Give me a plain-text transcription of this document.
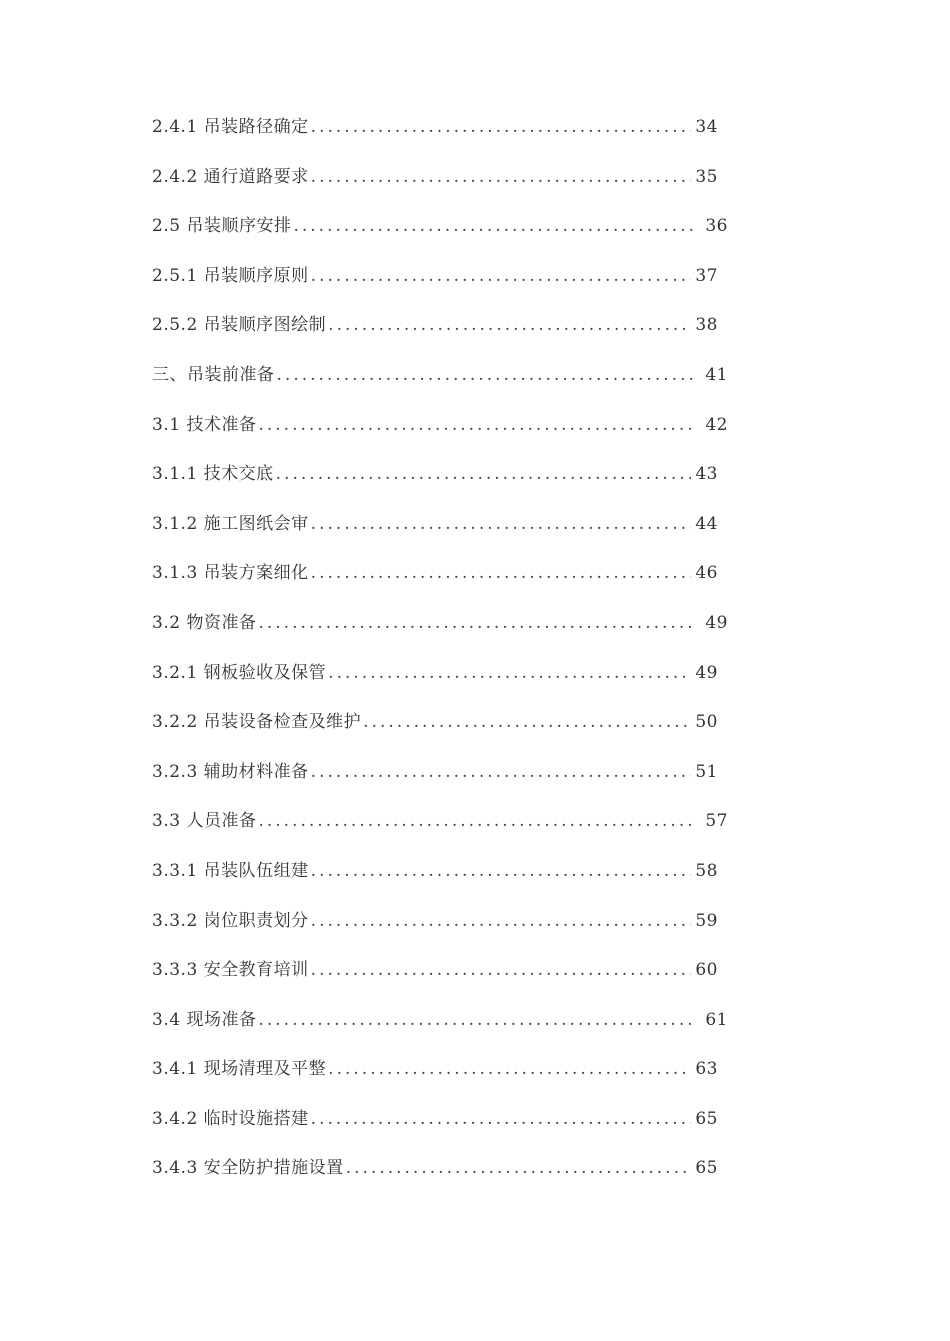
2.4.1 吊装路径确定 . . .	34
2.4.2 通行道路要求 . . .	35
2.5 吊装顺序安排 . . .	36
2.5.1 吊装顺序原则 . . .	37
2.5.2 吊装顺序图绘制 . . .	38
三、吊装前准备 . . .	41
3.1 技术准备 . . .	42
3.1.1 技术交底 . . .	43
3.1.2 施工图纸会审 . . .	44
3.1.3 吊装方案细化 . . .	46
3.2 物资准备 . . .	49
3.2.1 钢板验收及保管 . . .	49
3.2.2 吊装设备检查及维护 . . .	50
3.2.3 辅助材料准备 . . .	51
3.3 人员准备 . . .	57
3.3.1 吊装队伍组建 . . .	58
3.3.2 岗位职责划分 . . .	59
3.3.3 安全教育培训 . . .	60
3.4 现场准备 . . .	61
3.4.1 现场清理及平整 . . .	63
3.4.2 临时设施搭建 . . .	65
3.4.3 安全防护措施设置 . . .	65
